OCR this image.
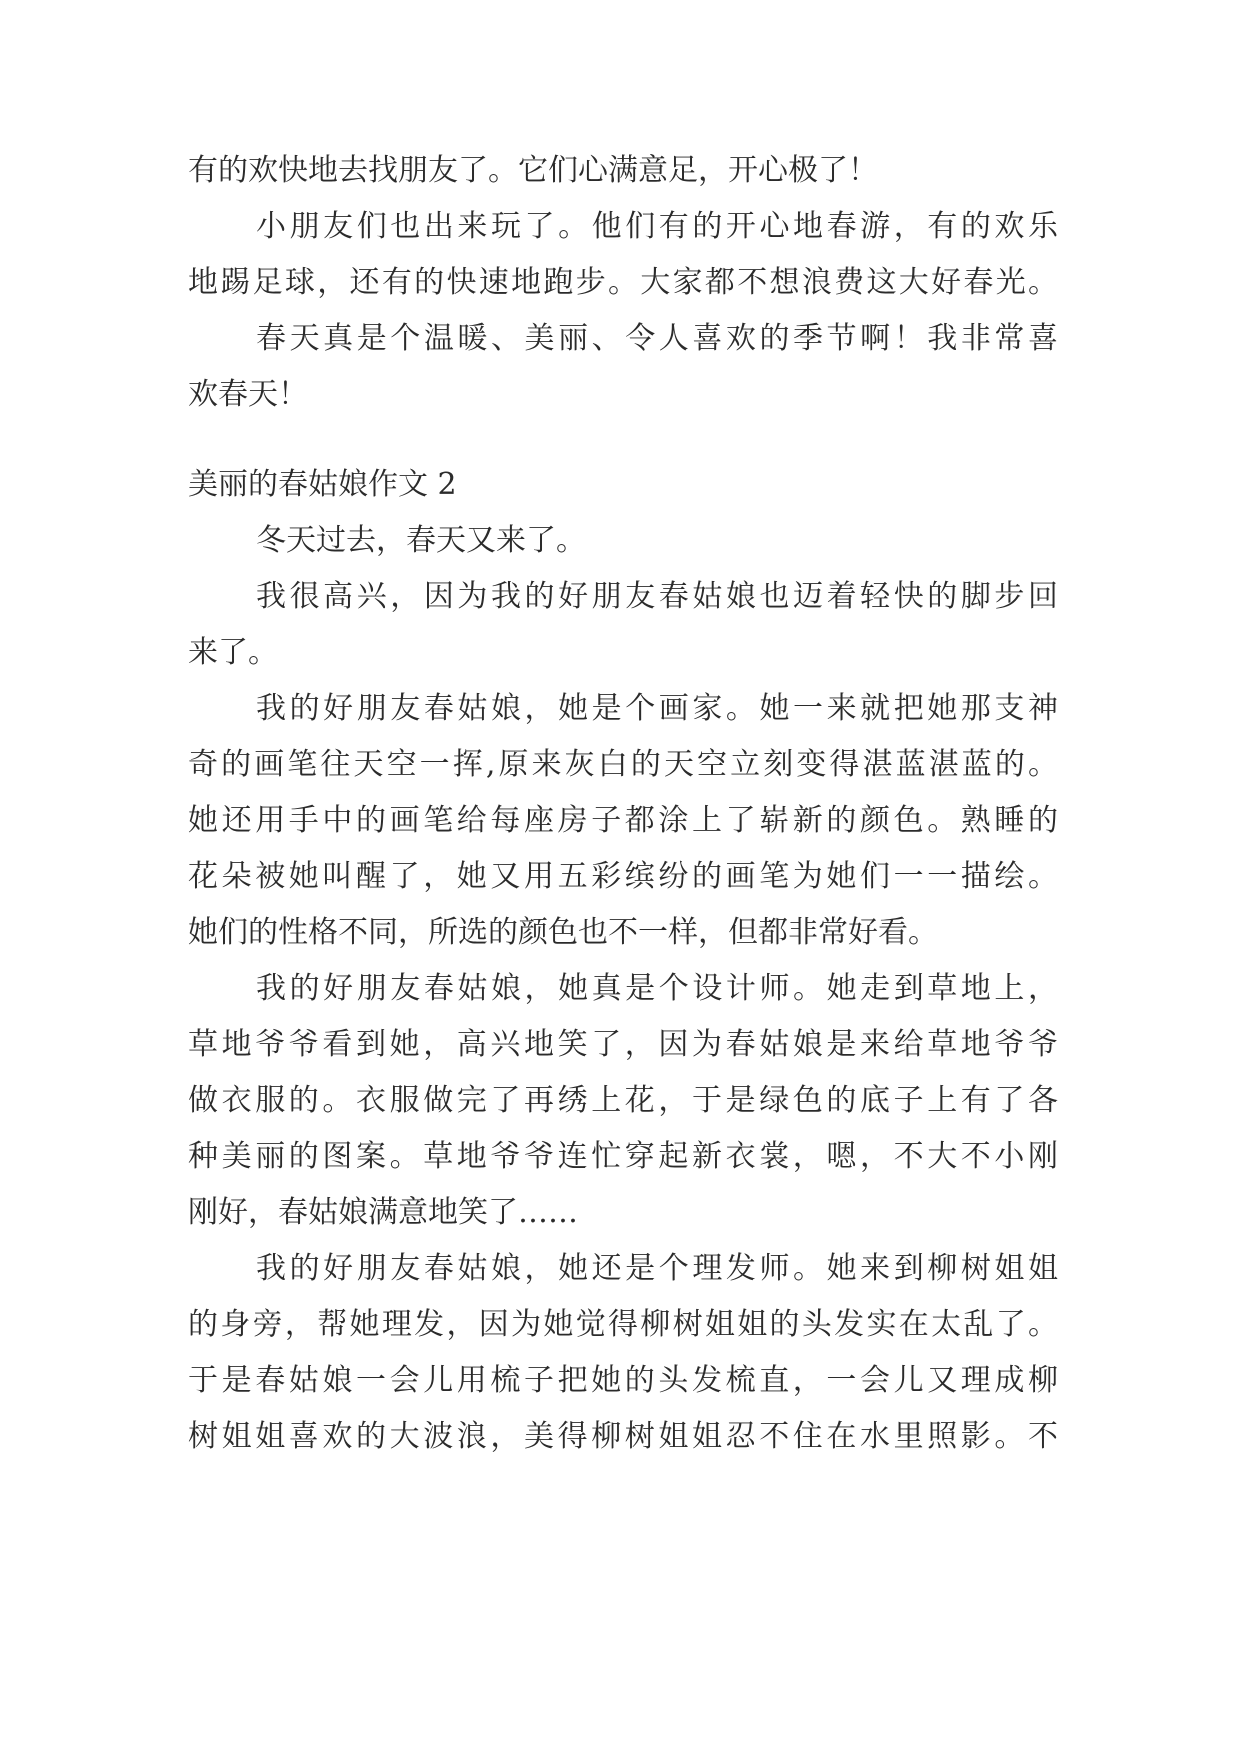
有的欢快地去找朋友了。它们心满意足，开心极了！
小朋友们也出来玩了。他们有的开心地春游，有的欢乐
地踢足球，还有的快速地跑步。大家都不想浪费这大好春光。
春天真是个温暖、美丽、令人喜欢的季节啊！我非常喜
欢春天！
美丽的春姑娘作文 2
冬天过去，春天又来了。
我很高兴，因为我的好朋友春姑娘也迈着轻快的脚步回
来了。
我的好朋友春姑娘，她是个画家。她一来就把她那支神
奇的画笔往天空一挥,原来灰白的天空立刻变得湛蓝湛蓝的。
她还用手中的画笔给每座房子都涂上了崭新的颜色。熟睡的
花朵被她叫醒了，她又用五彩缤纷的画笔为她们一一描绘。
她们的性格不同，所选的颜色也不一样，但都非常好看。
我的好朋友春姑娘，她真是个设计师。她走到草地上，
草地爷爷看到她，高兴地笑了，因为春姑娘是来给草地爷爷
做衣服的。衣服做完了再绣上花，于是绿色的底子上有了各
种美丽的图案。草地爷爷连忙穿起新衣裳，嗯，不大不小刚
刚好，春姑娘满意地笑了……
我的好朋友春姑娘，她还是个理发师。她来到柳树姐姐
的身旁，帮她理发，因为她觉得柳树姐姐的头发实在太乱了。
于是春姑娘一会儿用梳子把她的头发梳直，一会儿又理成柳
树姐姐喜欢的大波浪，美得柳树姐姐忍不住在水里照影。不
